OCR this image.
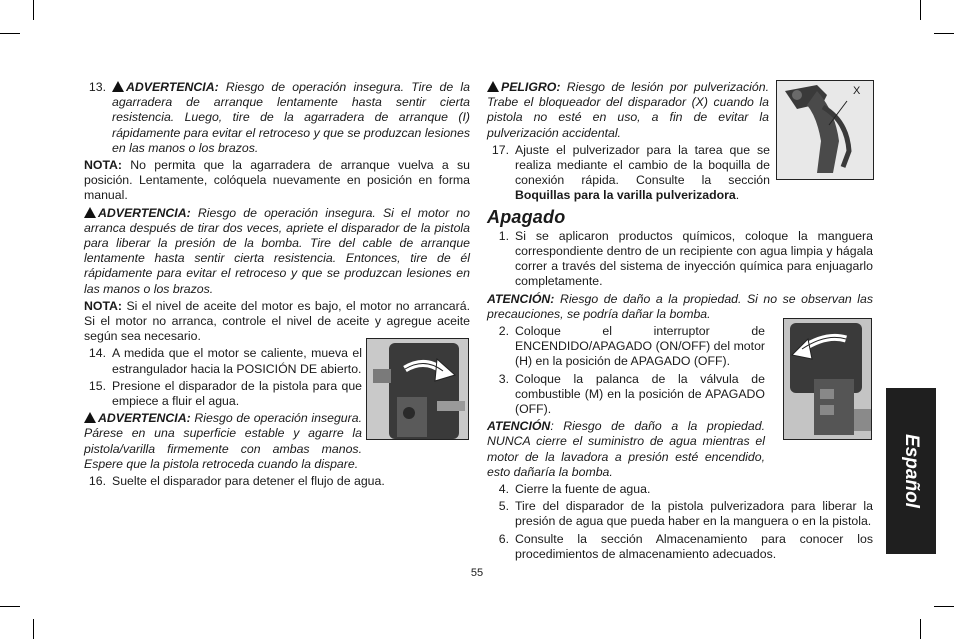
13.	ADVERTENCIA: Riesgo de operación insegura. Tire de la agarradera de arranque lentamente hasta sentir cierta resistencia. Luego, tire de la agarradera de arranque (I) rápidamente para evitar el retroceso y que se produzcan lesiones en las manos o los brazos.

NOTA: No permita que la agarradera de arranque vuelva a su posición. Lentamente, colóquela nuevamente en posición en forma manual.

ADVERTENCIA: Riesgo de operación insegura. Si el motor no arranca después de tirar dos veces, apriete el disparador de la pistola para liberar la presión de la bomba. Tire del cable de arranque lentamente hasta sentir cierta resistencia. Entonces, tire de él rápidamente para evitar el retroceso y que se produzcan lesiones en las manos o los brazos.

NOTA: Si el nivel de aceite del motor es bajo, el motor no arrancará. Si el motor no arranca, controle el nivel de aceite y agregue aceite según sea necesario.

14. A medida que el motor se caliente, mueva el estrangulador hacia la POSICIÓN DE abierto.
15. Presione el disparador de la pistola para que empiece a fluir el agua.

ADVERTENCIA: Riesgo de operación insegura. Párese en una superficie estable y agarre la pistola/varilla firmemente con ambas manos. Espere que la pistola retroceda cuando la dispare.

16. Suelte el disparador para detener el flujo de agua.

PELIGRO: Riesgo de lesión por pulverización. Trabe el bloqueador del disparador (X) cuando la pistola no esté en uso, a fin de evitar la pulverización accidental.

17. Ajuste el pulverizador para la tarea que se realiza mediante el cambio de la boquilla de conexión rápida. Consulte la sección Boquillas para la varilla pulverizadora.
Apagado
1. Si se aplicaron productos químicos, coloque la manguera correspondiente dentro de un recipiente con agua limpia y hágala correr a través del sistema de inyección química para enjuagarlo completamente.

ATENCIÓN: Riesgo de daño a la propiedad. Si no se observan las precauciones, se podría dañar la bomba.

2. Coloque el interruptor de ENCENDIDO/APAGADO (ON/OFF) del motor (H) en la posición de APAGADO (OFF).
3. Coloque la palanca de la válvula de combustible (M) en la posición de APAGADO (OFF).

ATENCIÓN: Riesgo de daño a la propiedad. NUNCA cierre el suministro de agua mientras el motor de la lavadora a presión esté encendido, esto dañaría la bomba.

4. Cierre la fuente de agua.
5. Tire del disparador de la pistola pulverizadora para liberar la presión de agua que pueda haber en la manguera o en la pistola.
6. Consulte la sección Almacenamiento para conocer los procedimientos de almacenamiento adecuados.
X
Español
55
